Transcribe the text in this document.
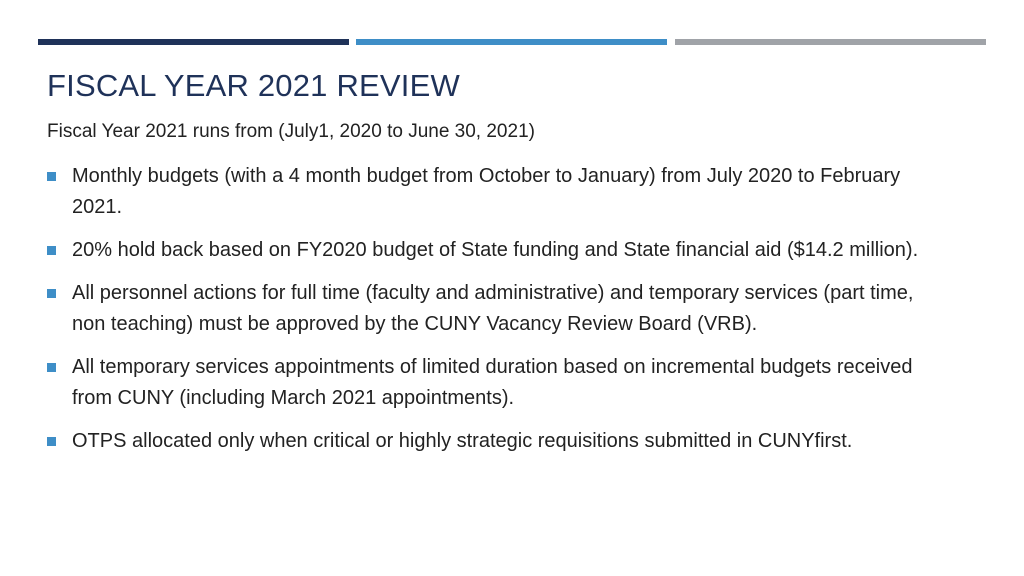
FISCAL YEAR 2021 REVIEW

Fiscal Year 2021 runs from (July1, 2020 to June 30, 2021)

Monthly budgets (with a 4 month budget from October to January) from July 2020 to February 2021.
20% hold back based on FY2020 budget of State funding and State financial aid ($14.2 million).
All personnel actions for full time (faculty and administrative) and temporary services (part time, non teaching) must be approved by the CUNY Vacancy Review Board (VRB).
All temporary services appointments of limited duration based on incremental budgets received from CUNY (including March 2021 appointments).
OTPS allocated only when critical or highly strategic requisitions submitted in CUNYfirst.
